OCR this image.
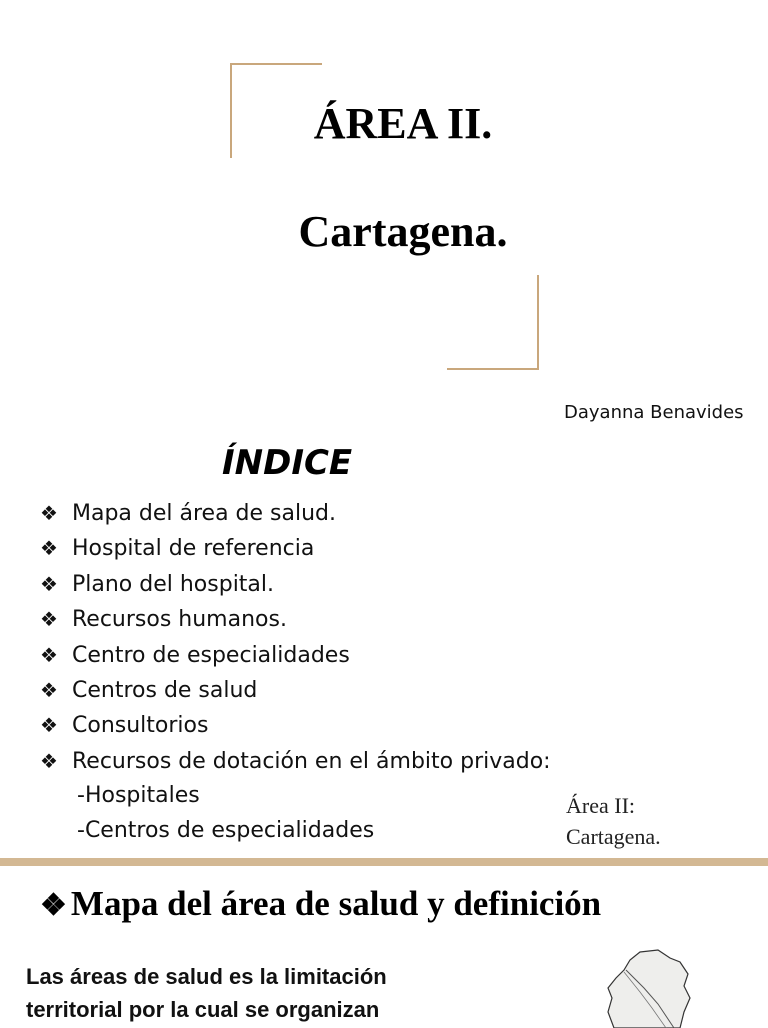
ÁREA II.
Cartagena.
Dayanna Benavides
ÍNDICE
❖ Mapa del área de salud.
❖ Hospital de referencia
❖ Plano del hospital.
❖ Recursos humanos.
❖ Centro de especialidades
❖ Centros de salud
❖ Consultorios
❖ Recursos de dotación en el ámbito privado:
-Hospitales
-Centros de especialidades
Área II:
Cartagena.
❖ Mapa del área de salud y definición
Las áreas de salud es la limitación
territorial por la cual se organizan
